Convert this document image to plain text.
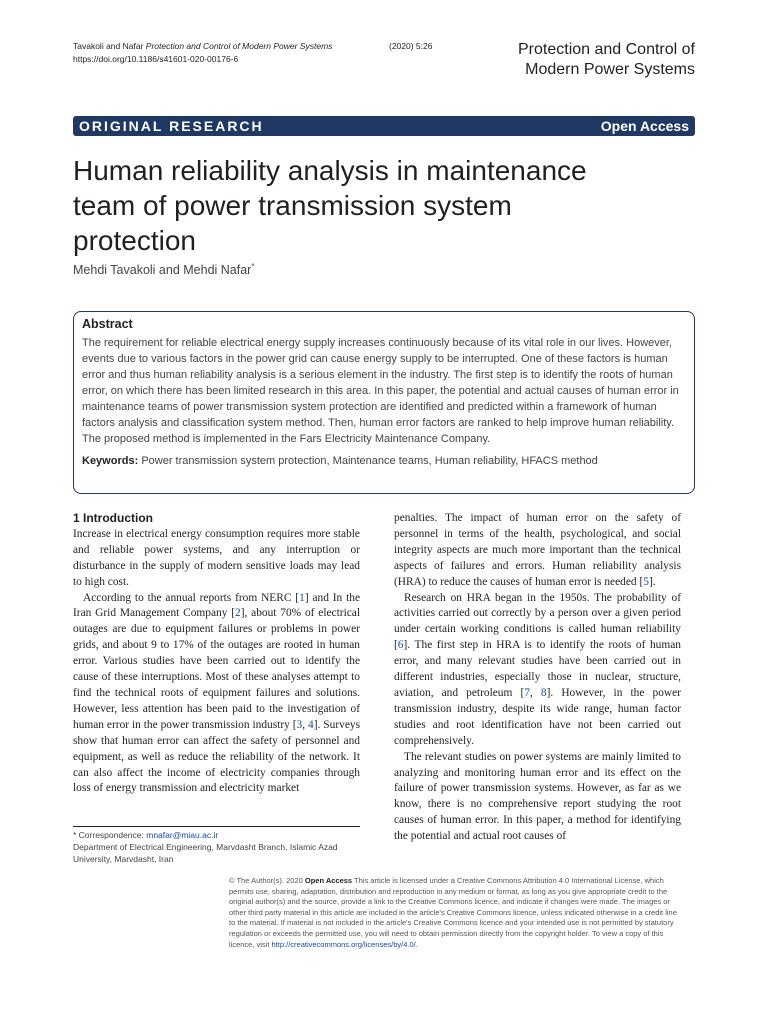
Tavakoli and Nafar Protection and Control of Modern Power Systems	(2020) 5:26
https://doi.org/10.1186/s41601-020-00176-6
Protection and Control of
Modern Power Systems
ORIGINAL RESEARCH	Open Access
Human reliability analysis in maintenance team of power transmission system protection
Mehdi Tavakoli and Mehdi Nafar*
Abstract

The requirement for reliable electrical energy supply increases continuously because of its vital role in our lives. However, events due to various factors in the power grid can cause energy supply to be interrupted. One of these factors is human error and thus human reliability analysis is a serious element in the industry. The first step is to identify the roots of human error, on which there has been limited research in this area. In this paper, the potential and actual causes of human error in maintenance teams of power transmission system protection are identified and predicted within a framework of human factors analysis and classification system method. Then, human error factors are ranked to help improve human reliability. The proposed method is implemented in the Fars Electricity Maintenance Company.

Keywords: Power transmission system protection, Maintenance teams, Human reliability, HFACS method
1 Introduction

Increase in electrical energy consumption requires more stable and reliable power systems, and any interruption or disturbance in the supply of modern sensitive loads may lead to high cost.

According to the annual reports from NERC [1] and In the Iran Grid Management Company [2], about 70% of electrical outages are due to equipment failures or problems in power grids, and about 9 to 17% of the outages are rooted in human error. Various studies have been carried out to identify the cause of these interruptions. Most of these analyses attempt to find the technical roots of equipment failures and solutions. However, less attention has been paid to the investigation of human error in the power transmission industry [3, 4]. Surveys show that human error can affect the safety of personnel and equipment, as well as reduce the reliability of the network. It can also affect the income of electricity companies through loss of energy transmission and electricity market

penalties. The impact of human error on the safety of personnel in terms of the health, psychological, and social integrity aspects are much more important than the technical aspects of failures and errors. Human reliability analysis (HRA) to reduce the causes of human error is needed [5].

Research on HRA began in the 1950s. The probability of activities carried out correctly by a person over a given period under certain working conditions is called human reliability [6]. The first step in HRA is to identify the roots of human error, and many relevant studies have been carried out in different industries, especially those in nuclear, structure, aviation, and petroleum [7, 8]. However, in the power transmission industry, despite its wide range, human factor studies and root identification have not been carried out comprehensively.

The relevant studies on power systems are mainly limited to analyzing and monitoring human error and its effect on the failure of power transmission systems. However, as far as we know, there is no comprehensive report studying the root causes of human error. In this paper, a method for identifying the potential and actual root causes of

* Correspondence: mnafar@miau.ac.ir
Department of Electrical Engineering, Marvdasht Branch, Islamic Azad University, Marvdasht, Iran
© The Author(s). 2020 Open Access This article is licensed under a Creative Commons Attribution 4.0 International License, which permits use, sharing, adaptation, distribution and reproduction in any medium or format, as long as you give appropriate credit to the original author(s) and the source, provide a link to the Creative Commons licence, and indicate if changes were made. The images or other third party material in this article are included in the article's Creative Commons licence, unless indicated otherwise in a credit line to the material. If material is not included in the article's Creative Commons licence and your intended use is not permitted by statutory regulation or exceeds the permitted use, you will need to obtain permission directly from the copyright holder. To view a copy of this licence, visit http://creativecommons.org/licenses/by/4.0/.
